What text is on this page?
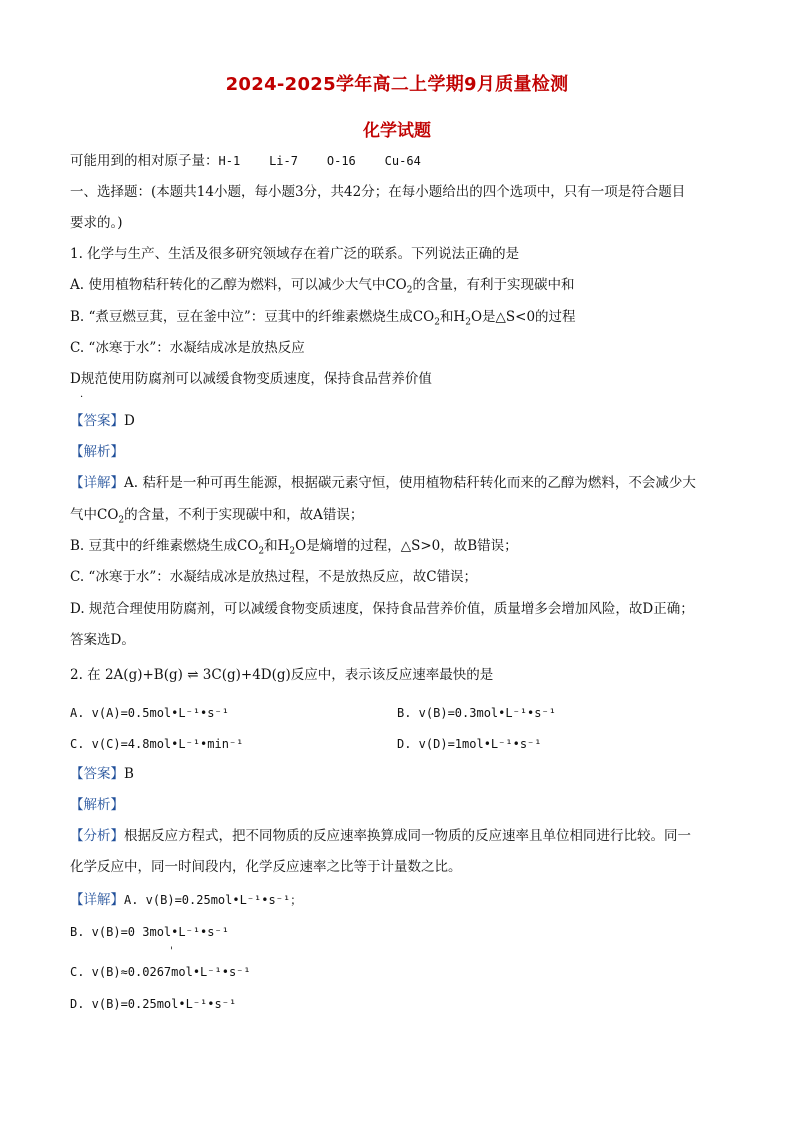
2024-2025学年高二上学期9月质量检测
化学试题
可能用到的相对原子量：H-1    Li-7    O-16    Cu-64
一、选择题：(本题共14小题，每小题3分，共42分；在每小题给出的四个选项中，只有一项是符合题目
要求的。)
1. 化学与生产、生活及很多研究领域存在着广泛的联系。下列说法正确的是
A. 使用植物秸秆转化的乙醇为燃料，可以减少大气中$CO_2$的含量，有利于实现碳中和
B. “煮豆燃豆萁，豆在釜中泣”：豆萁中的纤维素燃烧生成$CO_2$和$H_2O$是△S<0的过程
C. “冰寒于水”：水凝结成冰是放热反应
D规范使用防腐剂可以减缓食物变质速度，保持食品营养价值
·
【答案】D
【解析】
【详解】A. 秸秆是一种可再生能源，根据碳元素守恒，使用植物秸秆转化而来的乙醇为燃料，不会减少大
气中$CO_2$的含量，不利于实现碳中和，故A错误；
B. 豆萁中的纤维素燃烧生成$CO_2$和$H_2O$是熵增的过程，△S>0，故B错误；
C. “冰寒于水”：水凝结成冰是放热过程，不是放热反应，故C错误；
D. 规范合理使用防腐剂，可以减缓食物变质速度，保持食品营养价值，质量增多会增加风险，故D正确；
答案选D。
2. 在 2A(g)+B(g) ⇌ 3C(g)+4D(g)反应中，表示该反应速率最快的是
A. v(A)=0.5mol•L⁻¹•s⁻¹	B. v(B)=0.3mol•L⁻¹•s⁻¹
C. v(C)=4.8mol•L⁻¹•min⁻¹	D. v(D)=1mol•L⁻¹•s⁻¹
【答案】B
【解析】
【分析】根据反应方程式，把不同物质的反应速率换算成同一物质的反应速率且单位相同进行比较。同一
化学反应中，同一时间段内，化学反应速率之比等于计量数之比。
【详解】A. v(B)=0.25mol•L⁻¹•s⁻¹；
B. v(B)=0 3mol•L⁻¹•s⁻¹
'
C. v(B)≈0.0267mol•L⁻¹•s⁻¹
D. v(B)=0.25mol•L⁻¹•s⁻¹
